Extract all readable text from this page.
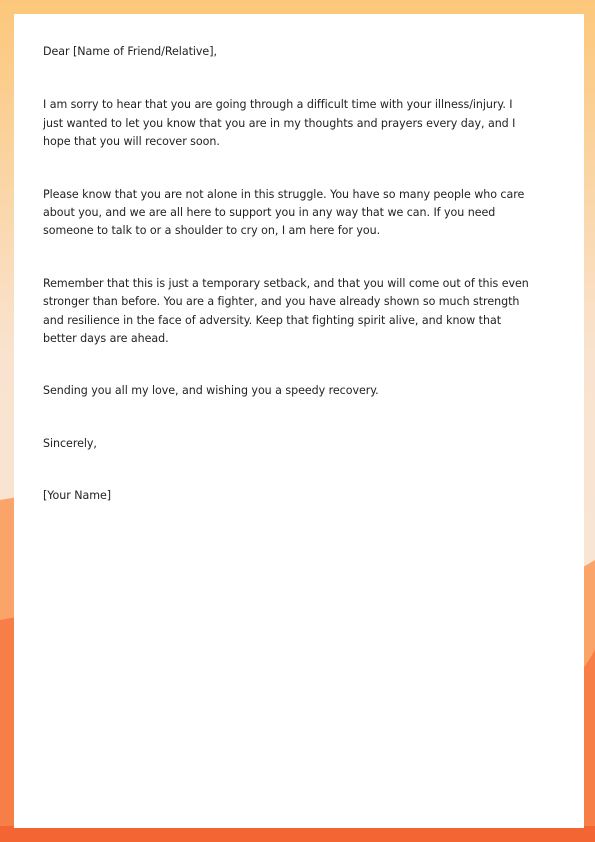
Dear [Name of Friend/Relative],

I am sorry to hear that you are going through a difficult time with your illness/injury. I just wanted to let you know that you are in my thoughts and prayers every day, and I hope that you will recover soon.

Please know that you are not alone in this struggle. You have so many people who care about you, and we are all here to support you in any way that we can. If you need someone to talk to or a shoulder to cry on, I am here for you.

Remember that this is just a temporary setback, and that you will come out of this even stronger than before. You are a fighter, and you have already shown so much strength and resilience in the face of adversity. Keep that fighting spirit alive, and know that better days are ahead.

Sending you all my love, and wishing you a speedy recovery.

Sincerely,

[Your Name]
